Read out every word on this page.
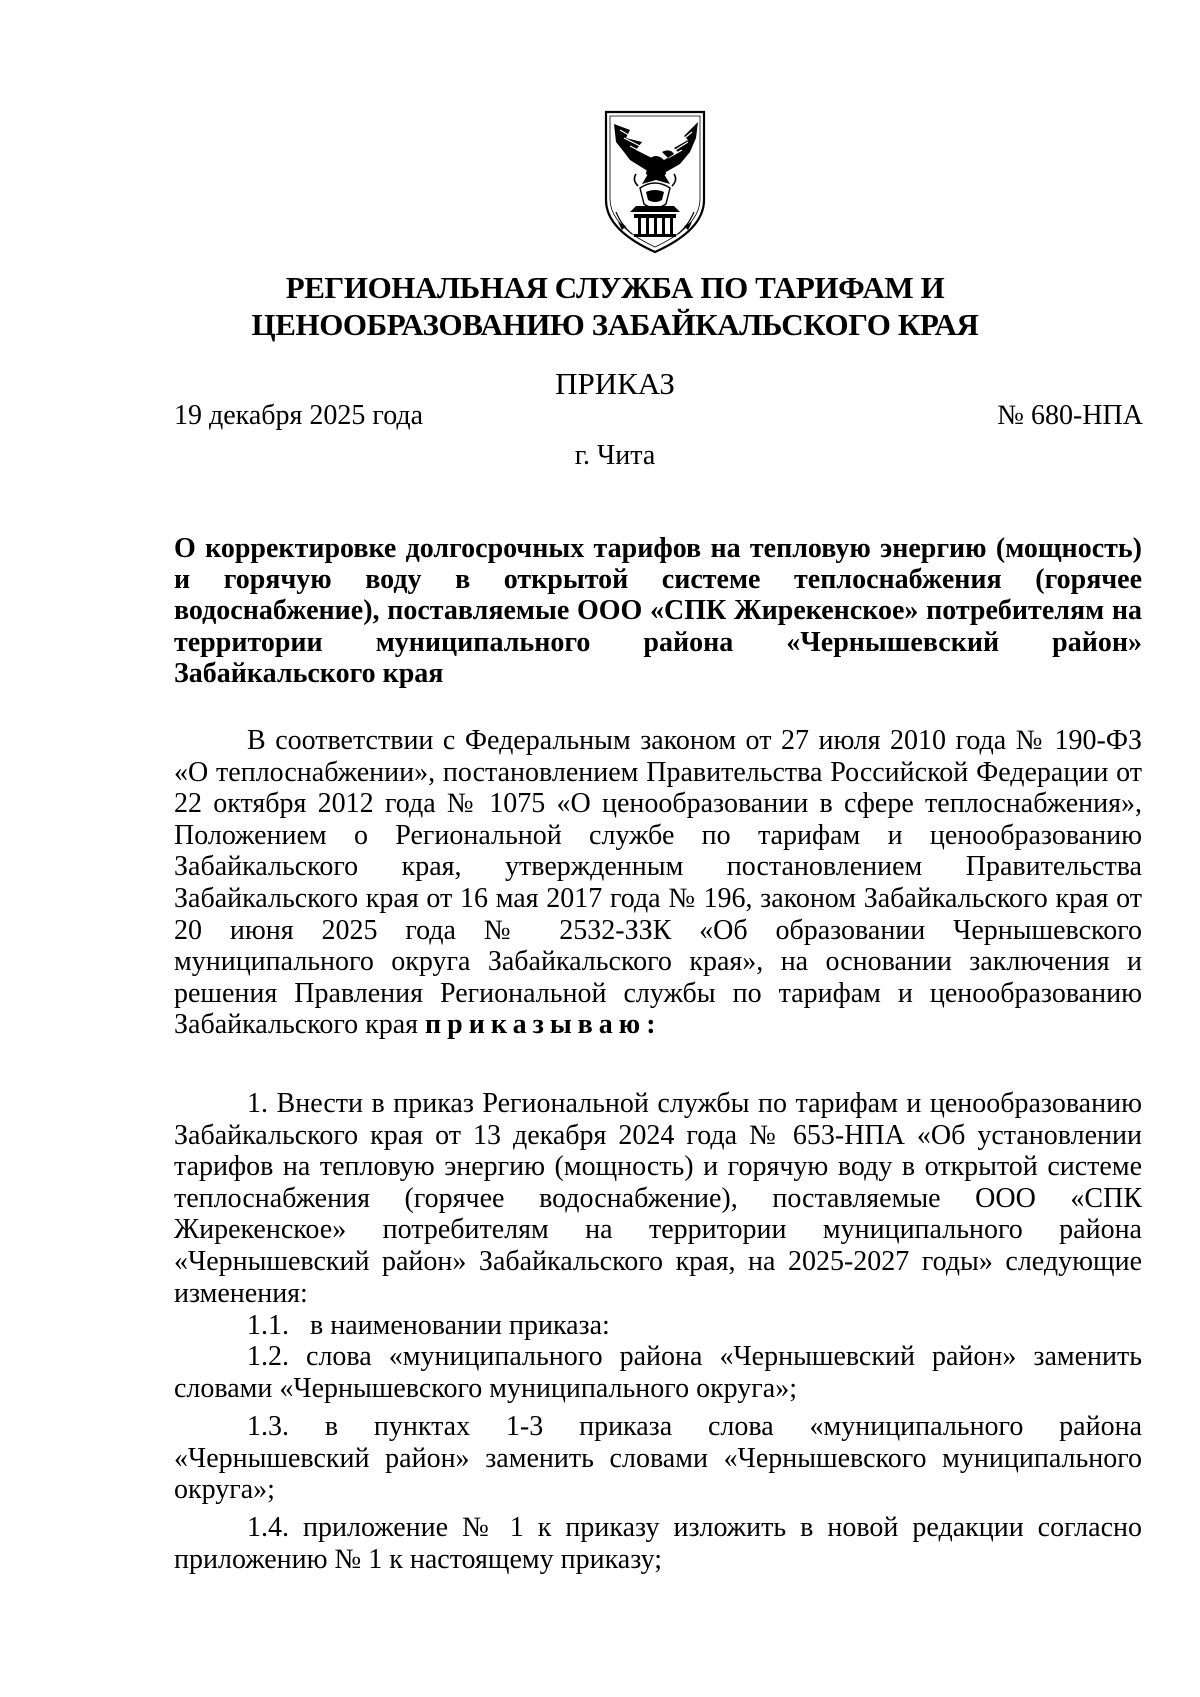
РЕГИОНАЛЬНАЯ СЛУЖБА ПО ТАРИФАМ И
ЦЕНООБРАЗОВАНИЮ ЗАБАЙКАЛЬСКОГО КРАЯ
ПРИКАЗ
19 декабря 2025 года	№ 680-НПА
г. Чита
О корректировке долгосрочных тарифов на тепловую энергию (мощность) и горячую воду в открытой системе теплоснабжения (горячее водоснабжение), поставляемые ООО «СПК Жирекенское» потребителям на территории муниципального района «Чернышевский район» Забайкальского края
В соответствии с Федеральным законом от 27 июля 2010 года № 190-ФЗ «О теплоснабжении», постановлением Правительства Российской Федерации от 22 октября 2012 года № 1075 «О ценообразовании в сфере теплоснабжения», Положением о Региональной службе по тарифам и ценообразованию Забайкальского края, утвержденным постановлением Правительства Забайкальского края от 16 мая 2017 года № 196, законом Забайкальского края от 20 июня 2025 года № 2532-ЗЗК «Об образовании Чернышевского муниципального округа Забайкальского края», на основании заключения и решения Правления Региональной службы по тарифам и ценообразованию Забайкальского края приказываю:
1. Внести в приказ Региональной службы по тарифам и ценообразованию Забайкальского края от 13 декабря 2024 года № 653-НПА «Об установлении тарифов на тепловую энергию (мощность) и горячую воду в открытой системе теплоснабжения (горячее водоснабжение), поставляемые ООО «СПК Жирекенское» потребителям на территории муниципального района «Чернышевский район» Забайкальского края, на 2025-2027 годы» следующие изменения:
1.1.   в наименовании приказа:
1.2. слова «муниципального района «Чернышевский район» заменить словами «Чернышевского муниципального округа»;
1.3. в пунктах 1-3 приказа слова «муниципального района «Чернышевский район» заменить словами «Чернышевского муниципального округа»;
1.4. приложение № 1 к приказу изложить в новой редакции согласно приложению № 1 к настоящему приказу;
